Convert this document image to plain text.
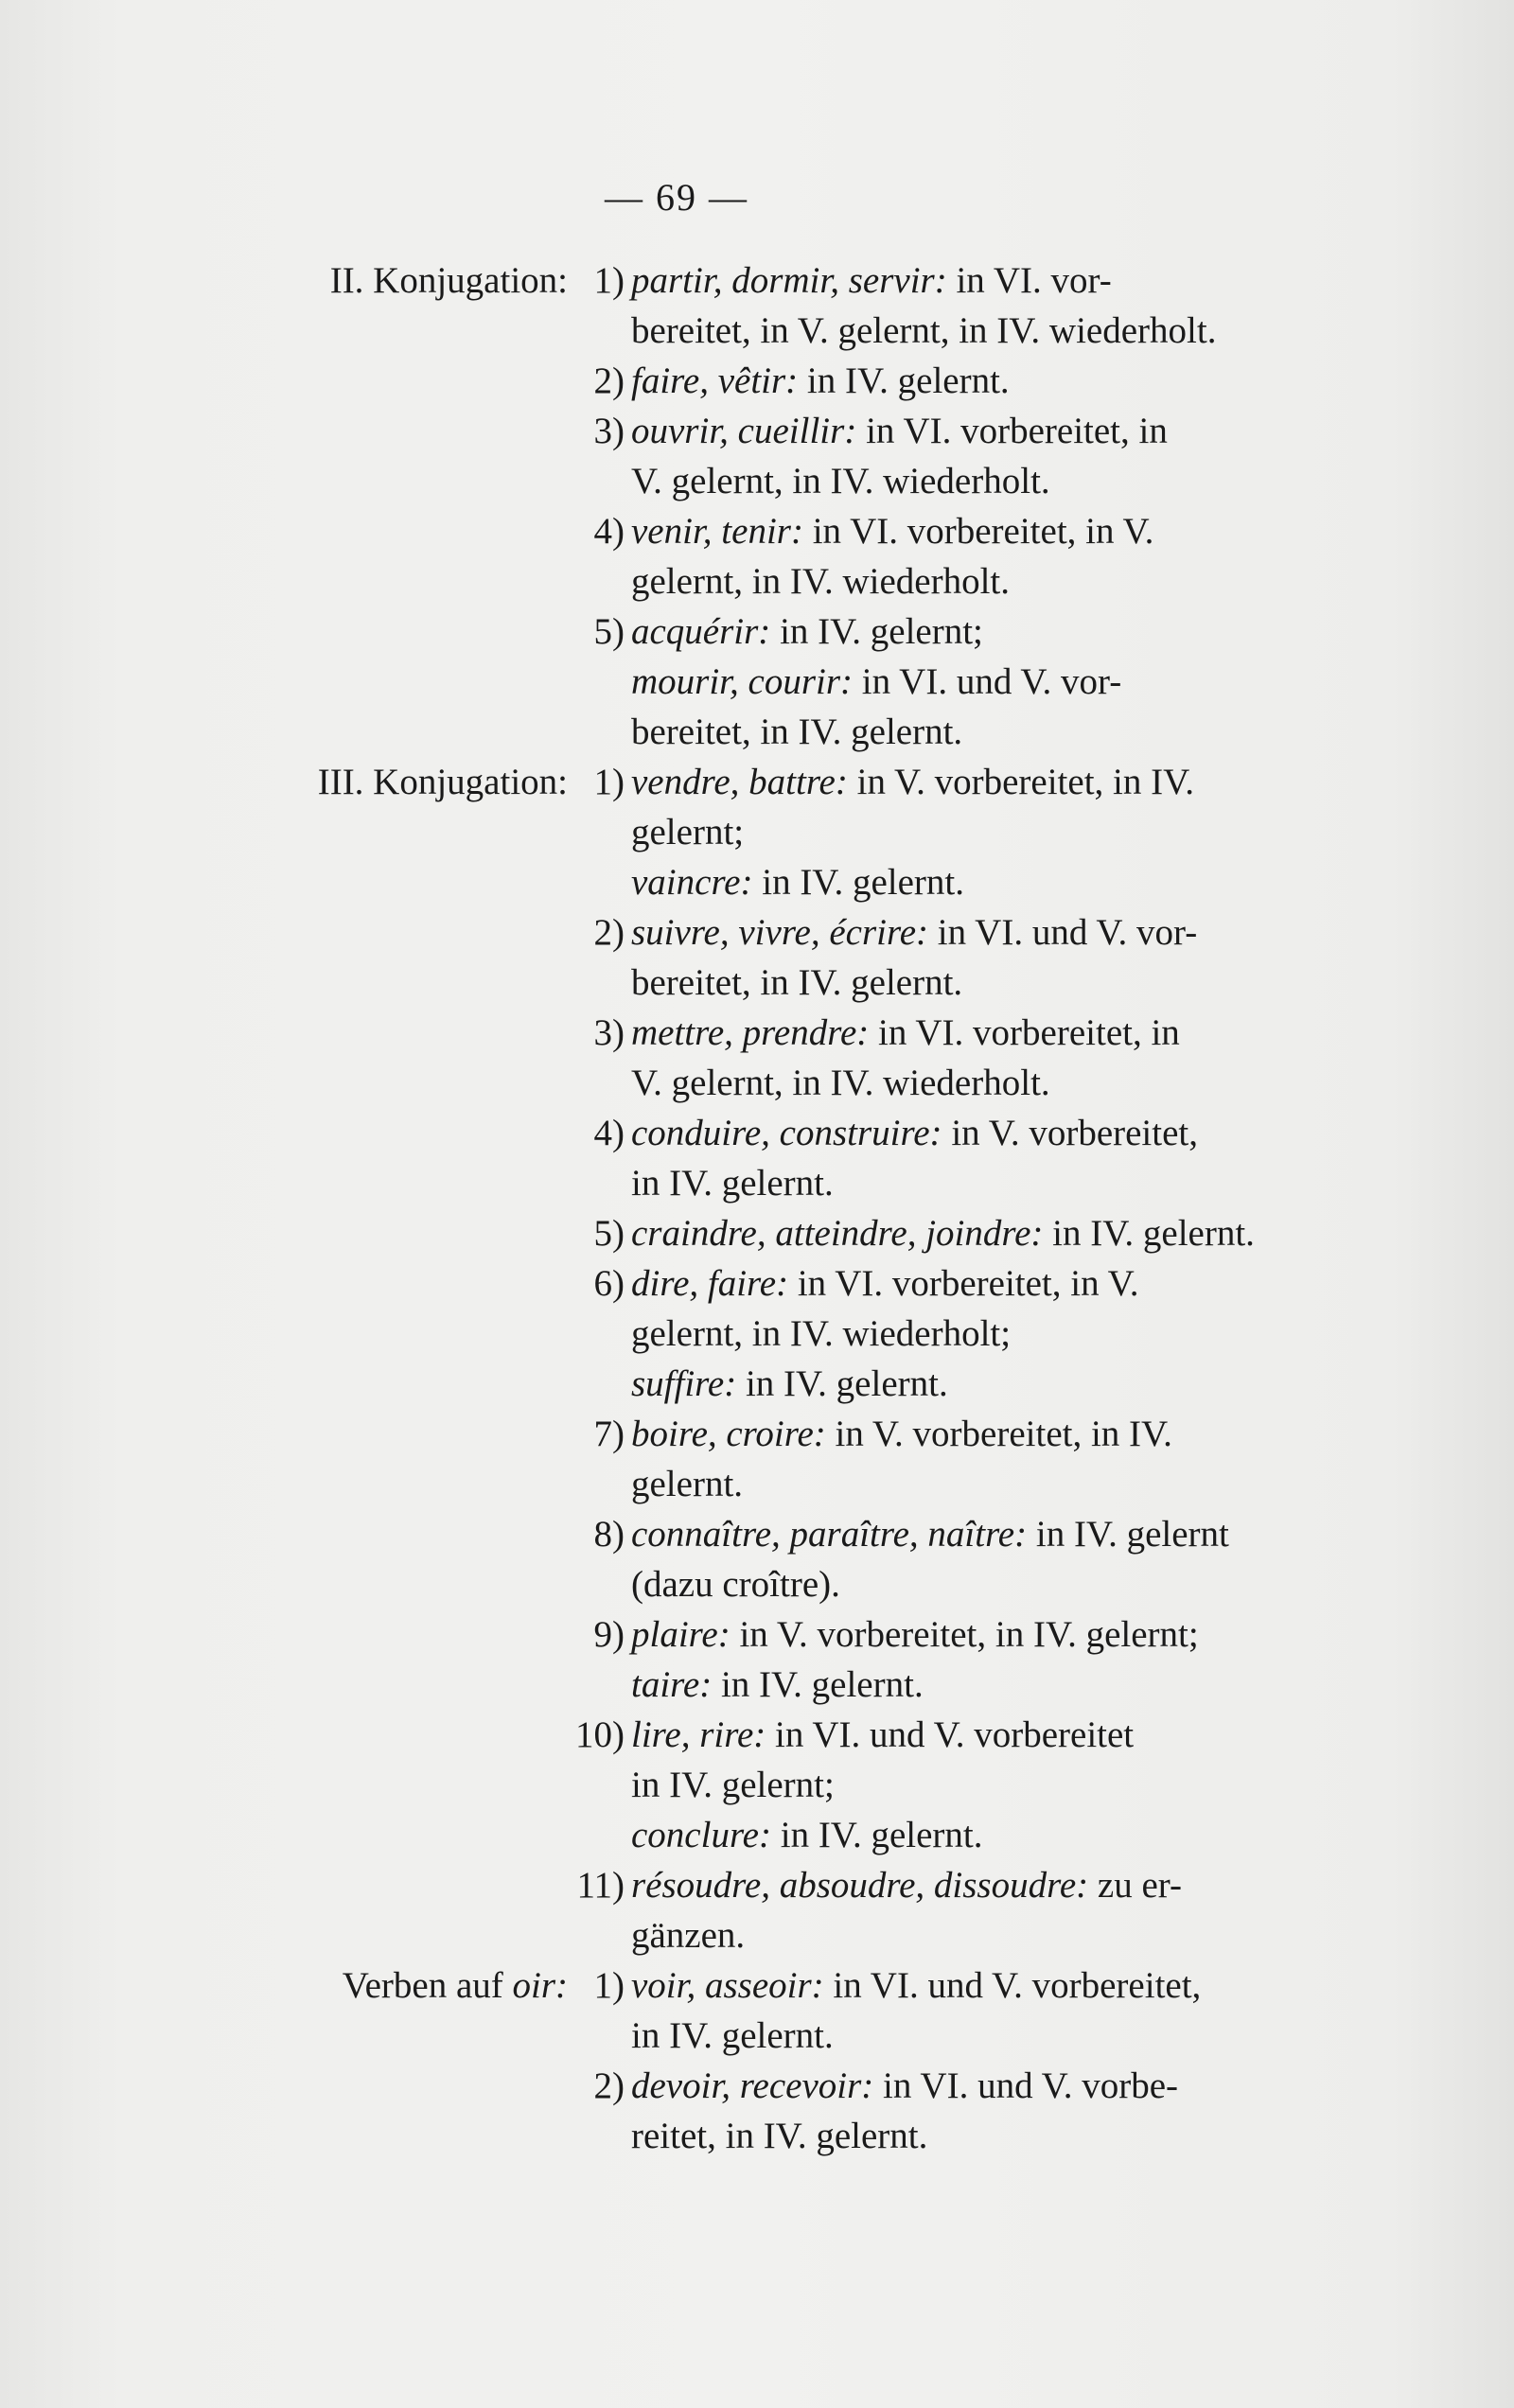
— 69 —
II. Konjugation: 1) partir, dormir, servir: in VI. vor-
bereitet, in V. gelernt, in IV. wiederholt.
2) faire, vêtir: in IV. gelernt.
3) ouvrir, cueillir: in VI. vorbereitet, in
V. gelernt, in IV. wiederholt.
4) venir, tenir: in VI. vorbereitet, in V.
gelernt, in IV. wiederholt.
5) acquérir: in IV. gelernt;
mourir, courir: in VI. und V. vor-
bereitet, in IV. gelernt.
III. Konjugation: 1) vendre, battre: in V. vorbereitet, in IV.
gelernt;
vaincre: in IV. gelernt.
2) suivre, vivre, écrire: in VI. und V. vor-
bereitet, in IV. gelernt.
3) mettre, prendre: in VI. vorbereitet, in
V. gelernt, in IV. wiederholt.
4) conduire, construire: in V. vorbereitet,
in IV. gelernt.
5) craindre, atteindre, joindre: in IV. gelernt.
6) dire, faire: in VI. vorbereitet, in V.
gelernt, in IV. wiederholt;
suffire: in IV. gelernt.
7) boire, croire: in V. vorbereitet, in IV.
gelernt.
8) connaître, paraître, naître: in IV. gelernt
(dazu croître).
9) plaire: in V. vorbereitet, in IV. gelernt;
taire: in IV. gelernt.
10) lire, rire: in VI. und V. vorbereitet
in IV. gelernt;
conclure: in IV. gelernt.
11) résoudre, absoudre, dissoudre: zu er-
gänzen.
Verben auf oir: 1) voir, asseoir: in VI. und V. vorbereitet,
in IV. gelernt.
2) devoir, recevoir: in VI. und V. vorbe-
reitet, in IV. gelernt.
